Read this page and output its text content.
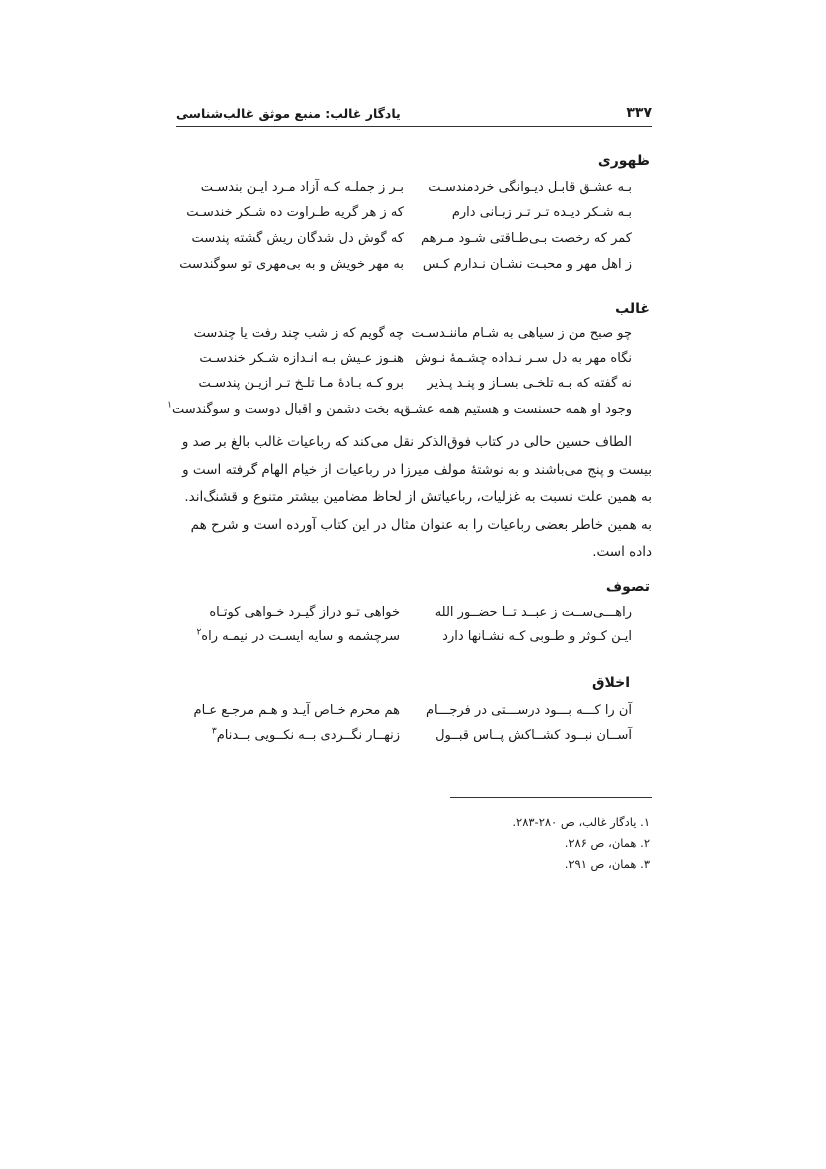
۳۳۷
یادگار غالب: منبع موثق غالب‌شناسی
ظهوری
بـه عشـق قابـل دیـوانگی خردمندسـت
بـر ز جملـه کـه آزاد مـرد ایـن بندسـت
بـه شـکر دیـده تـر تـر زبـانی دارم
که ز هر گریه طـراوت ده شـکر خندسـت
کمر که رخصت بـی‌طـاقتی شـود مـرهم
که گوش دل شدگان ریش گشته پندست
ز اهل مهر و محبـت نشـان نـدارم کـس
به مهر خویش و به بی‌مهری تو سوگندست
غالب
چو صبح من ز سیاهی به شـام ماننـدسـت
چه گویم که ز شب چند رفت یا چندست
نگاه مهر به دل سـر نـداده چشـمهٔ نـوش
هنـوز عـیش بـه انـدازه شـکر خندسـت
نه گفته که بـه تلخـی بسـاز و پنـد پـذیر
برو کـه بـادهٔ مـا تلـخ تـر ازیـن پندسـت
وجود او همه حسنست و هستیم همه عشـق
به بخت دشمن و اقبال دوست و سوگندست$^۱$
الطاف حسین حالی در کتاب فوق‌الذکر نقل می‌کند که رباعیات غالب بالغ بر صد و
بیست و پنج می‌باشند و به نوشتهٔ مولف میرزا در رباعیات از خیام الهام گرفته است و
به همین علت نسبت به غزلیات، رباعیاتش از لحاظ مضامین بیشتر متنوع و قشنگ‌اند.
به همین خاطر بعضی رباعیات را به عنوان مثال در این کتاب آورده است و شرح هم
داده است.
تصوف
راهـــی‌ســت ز عبــد تــا حضــور الله
خواهی تـو دراز گیـرد خـواهی کوتـاه
ایـن کـوثر و طـوبی کـه نشـانها دارد
سرچشمه و سایه ایسـت در نیمـه راه$^۲$
اخلاق
آن را کـــه بـــود درســـتی در فرجـــام
هم محرم خـاص آیـد و هـم مرجـع عـام
آســان نبــود کشــاکش پــاس قبــول
زنهــار نگــردی بــه نکــویی بــدنام$^۳$
۱. یادگار غالب، ص ۲۸۰-۲۸۳.
۲. همان، ص ۲۸۶.
۳. همان، ص ۲۹۱.
